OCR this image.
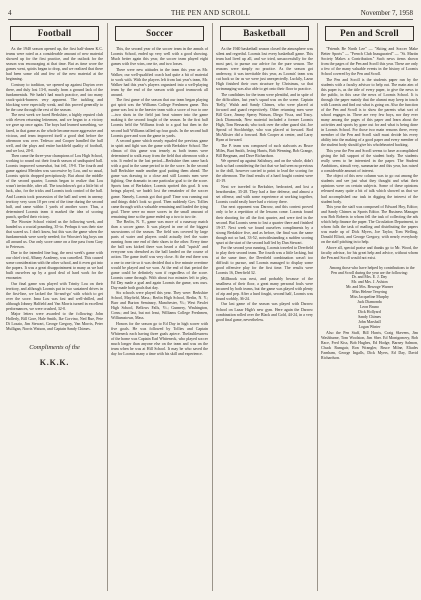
4	THE PEN AND SCROLL	November 7, 1958
Football

As the 1940 season opened up, the first half-dozen K.C. teams were rated as a considerable amount of new material showed up for the first practice, and the outlook for the season was encouraging at that time. But as time wore the games went, spirits began to drop, and we realized that there had been some old and few of the new material at the beginning.

Contrary to tradition, we opened up against Dayton over there, and duly lost 13-0, mostly from a ground lack of the fundamentals. We hadn't had much practice, and too many crack-quick-burners very apparent. The tackling and blocking were especially weak, and this proved generally to be the case through the rest of the season.

The next week we faced Berkshire, a highly reputed club with eleven returning lettermen, and we began to a victory we gave up once again. The boys had learned something, we fared, in that game as the whole became more aggressive and vicious, and team improved itself a good deal before the afternoon was over. Tedesco and Cooper handled the ball well, and the plays and entire backfield quality of football, and we lost, 20-0.

Then came the three-year champions of Lou High School, working to round out their fourth season of undisputed ball. Loomis improved somewhat, but fell, 19-0. The fourth and game against Meriden was successive by Lou, and so usual, Loomis spirits dropped precipitously. But about the middle of the second quarter, Loomis began to realize that Lou wasn't invincible, after all. The touchdown's got a little bit of luck, also, for the tricks and Loomis took control of the ball. And Loomis took possession of the ball and went in uneasy territory very soon 10 per cent of the time during the second half, and came within 1 yards of another score. Thus, a determined Loomis team it marked the idea of scoring punch, spelled their victory.

The Wooster School visited us the following week, and handed us a crucial pounding, 35-to. Perhaps it was their size that scared us. I don't know, but this was the game when the fundamentals were sorely needed; for Wooster's big boys ran all around us. Our only score came on a fine pass from Gary to Peterson.

Due to the intended line bug, the next week's game with our chief rival, Albany Academy, was cancelled. This caused some consideration with the other school, and it even got into the papers. It was a great disappointment to many as we had built ourselves up by a good deal of hard work for the encounter.

Our final game was played with Trinity Lou on their territory, and although Loomis put in two sustained drives in the first-line, we lacked the 'do-and-go' with which to get over the score. Inna Lou was fast and well-drilled, and although Johnny Halfield and Van Morris turned in excellent performances, we were crushed, 32-0.

Major letters were awarded to the following: John Hollerly, Bill Gore, Hale Smith, Ike Corvino, Ned Rue, Pete Di Losaio, Jim Stewart, George Gregory, Van Morris, Peter Mulligan, Norris Watson, and Captain Sandy Chimes.

Compliments of the
K.K.K.
Soccer

This, the second year of the soccer team in the annals of Loomis School, ended up very well with a good showing. Much better again this year, the soccer team played eight games with five wins, one tie, and two losses.

There were new attitudes in the team this year as Mr. Walker, our well-qualified coach had quite a bit of material to work with. With the players left from last year's team, Mr. Walker had this year's players organized into a well-playing team by the end of the season with good teamwork all around.

The first game of the season that our team began playing got spirit was the Williams College Freshmen game. This game was lost to the heavier team with a score of two to one—two shots in the field just beat winner into the game making it the second fought of the season. In the first half Loomis held the Williams frosh to a goal but then in the second half Williams tallied up four goals. In the second half Loomis gave and won the game in yards.

A second game which nearly equaled the previous game in spirit and fight was the game with Berkshire School. The climax of this game was tensely as both teams were determined to walk away from the field that afternoon with a win. It ended in the last period—Berkshire then came back with a goal in the same period to tie the score. In the second half Berkshire made another goal putting them ahead. The game was drawing to a close and still Loomis men were fighting. One dramatic in one particular goal to tie the score. Sports fans of Berkshire, Loomis spotted this goal. It was beings played, we hadn't lost the remainder of the soccer game. Namely, Loomis got that goal! Time was running out and things didn't look so good. Then suddenly Gov. Tollies came through with a valuable remaining and loaded the tying goal. There were no more scores in the small amount of remaining time so the game ended up a two to two tie.

The Berlin, N. Y., game was more of a runaway match than a soccer game. It was played in one of the biggest snowstorms of the season. The field was covered by large parts of water and players could actually feel the water running from one end of their shoes to the other. Every time the ball was kicked there was heard a dull "squish" and everyone was drenched as the ball landed on the course of action. The game itself was very close. At the end there was a one to one tie so it was decided that a five minute overtime would be played and we won. At the end of that period the game could be definitely won if regardless of the score. Loomis came through. With about two minutes left to play, Ed Day made a goal and again Loomis the game, was ours. Day made both goals that day.

Six schools were played this year. They were: Berkshire School, Mayfield, Mass.; Berlin High School, Berlin, N. Y.; Burr and Burton Seminary, Manchester, Vt.; West Pawlet High School, Bellows Falls, Vt.; Gunnery, Washington, Conn.; and last, but not least, Williams College Freshmen, Williamstown, Mass.

Honors for the season go to Ed Day in high scorer with five goals. He was followed by Tollies and Captain Whiteneck each having three goals apiece. Thefaultlessness of the home was Captain Earl Whiteneck, who played soccer much longer than anyone else on the team and was on the team when he was at Hill School. It may be who saved the day for Loomis many a time with his skill and experience.

Basketball

As the 1940 basketball season closed the atmosphere was silent and regretful. Loomis lost every basketball game. This team had lived up all, and we tried, unsuccessfully for the most part, to pursue our advice for the pure season. The reasons were simply no practice. As the season got underway, it was inevitable this year, as Loomis' team was cut back so far as we were just unexpectedly. Luckily, Lazar High finished their own structure by Christmas, so that scrimmaging was also able to get onto their floor to practice.

The candidates for the team were plentiful, and in spite of the difficulties, last year's squad was on the scene. Captain 'Kelly,' Walsh and Sandy Chimes, who were placed at forward and guard respectively. Other returning men were Bill Gore, Jimmy Sperry Watson, Diego Visca, and Tracy. Jack Diamonda, New material included a former Loomis High, Tom Bessarab, who took over the other guard slot. Joe Sproul of Stockbridge, who was placed at forward. Rod McAllister did a forward. Bob Cooper at center, and Larry Ryan at forward.

The P. team was composed of such stalwarts as Bruce Miles, Burt Smith, Irving Harris, Bob Wenning, Bob Grange, Bill Bergman, and Dave Richardson.

We opened up against Salisbury, and on the whole, didn't look so bad considering the fact that we had seen no previous to the drill, however carried to point to lead the scoring for the afternoon. The final results of a hard fought contest were 41-19.

Next we traveled to Berkshire, bedrooted, and lost a heartbreaker, 35-28. They had a fine defense, and almost a set offense, and with some experience at working together, Loomis could easily have had a victory there.

Our next opponent was Darrow, and this contest proved only to be a repetition of the lessons come. Loomis found their shooting for all the first quarter, and were tied in the second. But Loomis seem to lost a quarter there and finished 19-37. Next week we found ourselves compliments by a strong Berkshire five, and as before, the final was the same though not so bad, 33-52, notwithstanding a sudden scoring spurt at the start of the second half led by Dan Stewart.

For the second year running, Loomis traveled to Deerfield to play their second team. The fourth was a little lacking, but at the same time, the Deerfield combination wasn't too difficult to pursue, and Loomis managed to display some good offensive play for the first time. The results were Loomis 16, Deerfield 32.

Millbrook was next, and probably because of the smallness of their floor, a great many personal fouls were incurred by both teams, but the game was played with plenty of zip and pep. After a hard fought, second half, Loomis was found wobbly, 36-24.

Our last game of the season was played with Darrow School on Lazar High's new gym. Here again the Darrow combination rolled over the Black and Gold, 44-24, in a very good final game, nevertheless.

Pen and Scroll

"Friends Be North Lee" — "Skiing and Soccer Make Better Sports" — "French Club Inaugurated" — "St. Martin Society Makes a Contribution." Such news items shown from the pages of the Pen and Scroll this year. These are only a few of the many valuable events in the history of Loomis School covered by the Pen and Scroll.

The Pen and Scroll is the students paper run by the students with a faculty advisor to help out. The main aim of this paper is, as the title of every paper, to give the news to the public, in this case the news of Loomis School. It is through the paper mainly that the alumni may keep in touch with Loomis and find out what is going on. Also the function of the Pen and Scroll is to show the parents what sort of school engages in. There are very few boys, nor they ever many among the pages of this paper and learn about the activities and sports by gone out for and what is being done in Loomis School. For those two main reasons there, every member of the Pen and Scroll staff must decide his every ability into the making of a good paper and every member of the student body should give his wholehearted backing.

This year the Pen and Scroll seems to have accomplished giving the full support of the student body. The students really seem to be interested in the paper. The Student Ambitions, stimuli very, summarize and this year, has raised a considerable amount of interest.

The object of this new column was to go out among the students and see just what they thought and what their opinions were on certain subjects. Some of these opinions released many quite a bit of talk which showed us that we had accomplished our task in digging the interest of the student body.

This year the staff was composed of Edward Hoy, Editor; and Sandy Chimes as Sports Editor. The Business Manager was Bob Roberts to whom fell the task of collecting the ads which help finance the paper. The Circulation Department, to whom falls the task of mailing and distributing the papers was made up of Dick Myers, Joe Taylor, Tom Welling, Donald Elliott, and George Gregory, with nearly everybody on the staff pitching in to help.

Above all, special praise and thanks go to Mr. Wood, the faculty advisor, for his great help and advice, without whom the Pen and Scroll would not exist.

Among those who have helped by contributions to the Pen and Scroll during the year are the following:

Dr. and Mrs. E. J. Day
Mr. and Mrs. J. Ashton
Mr. and Mrs. Berzoge Warner
Miss Helene Tenyring
Miss Jacqueline Murphy
Jack Diamonda
Leon Bruno
Dick Hollyard
Sandy Chimes
John Marshall
Logan Winter

Also the Pen Staff, Bill Harris, Craig Skevens, Jim Washburne, Tom Woolston, Jim Sher. Ed Montgomery, Bob Race, Fred Kiss, Bob Hughes, Ed Hodge, Barney Salmon, Chuck Rumgair, Ron Wrangler, Bruce Milne, Eliades Farnham, George Ingalls, Dick Myers, Ed Day, David Richardson.
